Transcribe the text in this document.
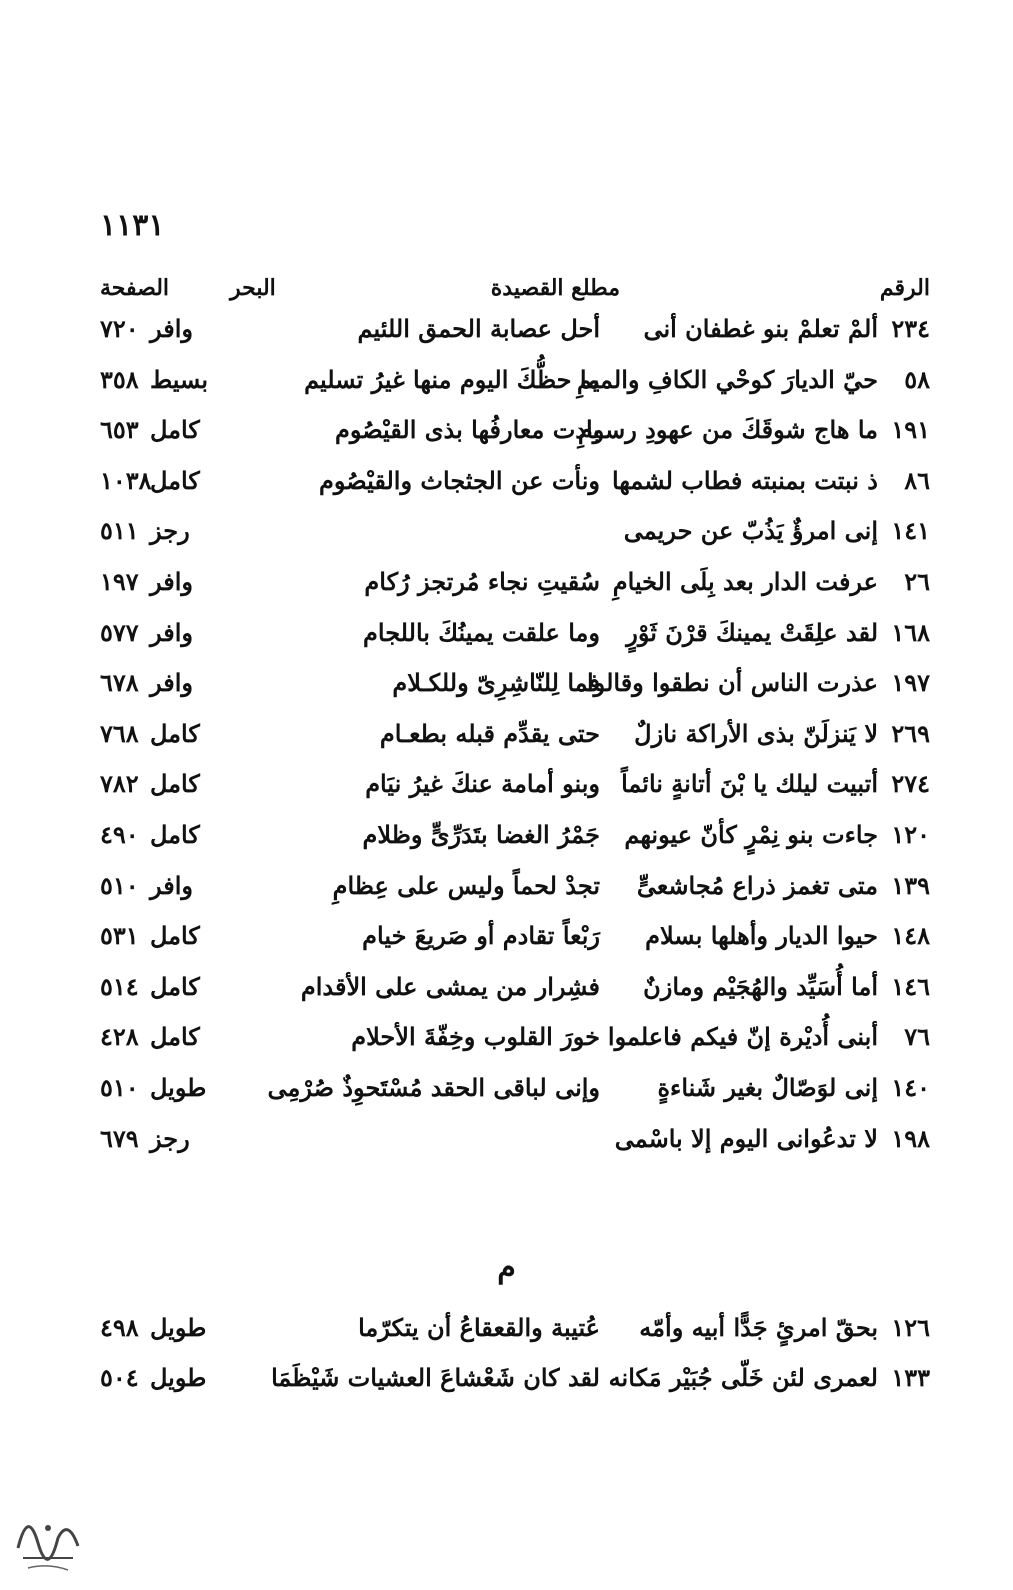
١١٣١
الرقم
مطلع القصيدة
البحر
الصفحة
٢٣٤
ألمْ تعلمْ بنو غطفان أنى
أحل عصابة الحمق اللئيم
وافر
٧٢٠
٥٨
حيّ الديارَ كوحْي الكافِ والميمِ
ما حظُّكَ اليوم منها غيرُ تسليم
بسيط
٣٥٨
١٩١
ما هاج شوقَكَ من عهودِ رسومِ
بادت معارفُها بذى القيْصُوم
كامل
٦٥٣
٨٦
ذ نبتت بمنبته فطاب لشمها
ونأت عن الجثجاث والقيْصُوم
كامل
١٠٣٨
١٤١
إنى امرؤٌ يَذُبّ عن حريمى
رجز
٥١١
٢٦
عرفت الدار بعد بِلَى الخيامِ
سُقيتِ نجاء مُرتجز رُكام
وافر
١٩٧
١٦٨
لقد علِقَتْ يمينكَ قرْنَ ثَوْرٍ
وما علقت يمينُكَ باللجام
وافر
٥٧٧
١٩٧
عذرت الناس أن نطقوا وقالوا
فما لِلنّاشِرِىّ وللكـلام
وافر
٦٧٨
٢٦٩
لا يَنزلَنّ بذى الأراكة نازلٌ
حتى يقدِّم قبله بطعـام
كامل
٧٦٨
٢٧٤
أتبيت ليلك يا بْنَ أتانةٍ نائماً
وبنو أمامة عنكَ غيرُ نيَام
كامل
٧٨٢
١٢٠
جاءت بنو نِمْرٍ كأنّ عيونهم
جَمْرُ الغضا بتَدَرِّىٍّ وظلام
كامل
٤٩٠
١٣٩
متى تغمز ذراع مُجاشعىٍّ
تجدْ لحماً وليس على عِظامِ
وافر
٥١٠
١٤٨
حيوا الديار وأهلها بسلام
رَبْعاً تقادم أو صَريعَ خيام
كامل
٥٣١
١٤٦
أما أُسَيِّد والهُجَيْم ومازنٌ
فشِرار من يمشى على الأقدام
كامل
٥١٤
٧٦
أبنى أُديْرة إنّ فيكم فاعلموا
خورَ القلوب وخِفّةَ الأحلام
كامل
٤٢٨
١٤٠
إنى لوَصّالٌ بغير شَناءةٍ
وإنى لباقى الحقد مُسْتَحوِذٌ صُرْمِى
طويل
٥١٠
١٩٨
لا تدعُوانى اليوم إلا باسْمى
رجز
٦٧٩
م
١٢٦
بحقّ امرئٍ جَدًّا أبيه وأمّه
عُتيبة والقعقاعُ أن يتكرّما
طويل
٤٩٨
١٣٣
لعمرى لئن خَلّى جُبَيْر مَكانه
لقد كان شَعْشاعَ العشيات شَيْظَمَا
طويل
٥٠٤
